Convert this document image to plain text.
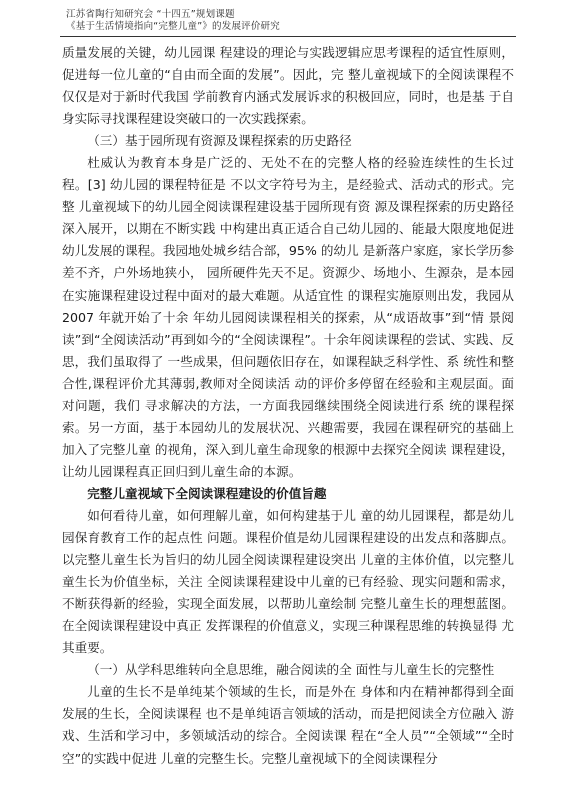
江苏省陶行知研究会 “十四五”规划课题
《基于生活情境指向“完整儿童”》的发展评价研究

质量发展的关键，幼儿园课 程建设的理论与实践逻辑应思考课程的适宜性原则， 促进每一位儿童的“自由而全面的发展”。因此，完 整儿童视域下的全阅读课程不仅仅是对于新时代我国 学前教育内涵式发展诉求的积极回应，同时，也是基 于自身实际寻找课程建设突破口的一次实践探索。

（三）基于园所现有资源及课程探索的历史路径

杜威认为教育本身是广泛的、无处不在的完整人格的经验连续性的生长过程。[3] 幼儿园的课程特征是 不以文字符号为主，是经验式、活动式的形式。完整 儿童视域下的幼儿园全阅读课程建设基于园所现有资 源及课程探索的历史路径深入展开，以期在不断实践 中构建出真正适合自己幼儿园的、能最大限度地促进 幼儿发展的课程。我园地处城乡结合部，95% 的幼儿 是新落户家庭，家长学历参差不齐，户外场地狭小， 园所硬件先天不足。资源少、场地小、生源杂，是本园在实施课程建设过程中面对的最大难题。从适宜性 的课程实施原则出发，我园从 2007 年就开始了十余 年幼儿园阅读课程相关的探索，从“成语故事”到“情 景阅读”到“全阅读活动”再到如今的“全阅读课程”。十余年阅读课程的尝试、实践、反思，我们虽取得了 一些成果，但问题依旧存在，如课程缺乏科学性、系 统性和整合性,课程评价尤其薄弱,教师对全阅读活 动的评价多停留在经验和主观层面。面对问题，我们 寻求解决的方法，一方面我园继续围绕全阅读进行系 统的课程探索。另一方面，基于本园幼儿的发展状况、兴趣需要，我园在课程研究的基础上加入了完整儿童 的视角，深入到儿童生命现象的根源中去探究全阅读 课程建设，让幼儿园课程真正回归到儿童生命的本源。

完整儿童视域下全阅读课程建设的价值旨趣

如何看待儿童，如何理解儿童，如何构建基于儿 童的幼儿园课程，都是幼儿园保育教育工作的起点性 问题。课程价值是幼儿园课程建设的出发点和落脚点。 以完整儿童生长为旨归的幼儿园全阅读课程建设突出 儿童的主体价值，以完整儿童生长为价值坐标，关注 全阅读课程建设中儿童的已有经验、现实问题和需求， 不断获得新的经验，实现全面发展，以帮助儿童绘制 完整儿童生长的理想蓝图。在全阅读课程建设中真正 发挥课程的价值意义，实现三种课程思维的转换显得 尤其重要。

（一）从学科思维转向全息思维，融合阅读的全 面性与儿童生长的完整性

儿童的生长不是单纯某个领域的生长，而是外在 身体和内在精神都得到全面发展的生长，全阅读课程 也不是单纯语言领域的活动，而是把阅读全方位融入 游戏、生活和学习中，多领域活动的综合。全阅读课 程在“全人员”“全领域”“全时空”的实践中促进 儿童的完整生长。完整儿童视域下的全阅读课程分
